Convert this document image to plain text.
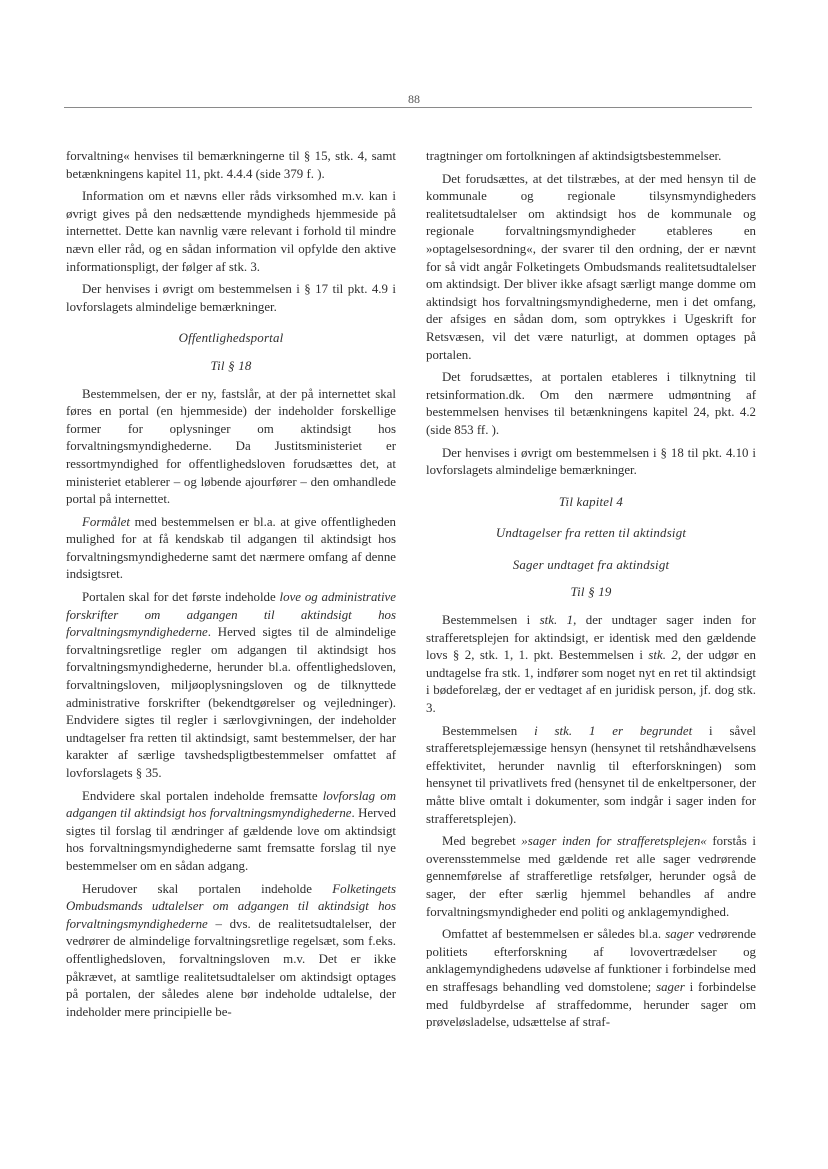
88

forvaltning« henvises til bemærkningerne til § 15, stk. 4, samt betænkningens kapitel 11, pkt. 4.4.4 (side 379 f. ).

Information om et nævns eller råds virksomhed m.v. kan i øvrigt gives på den nedsættende myndigheds hjemmeside på internettet. Dette kan navnlig være relevant i forhold til mindre nævn eller råd, og en sådan information vil opfylde den aktive informationspligt, der følger af stk. 3.

Der henvises i øvrigt om bestemmelsen i § 17 til pkt. 4.9 i lovforslagets almindelige bemærkninger.

Offentlighedsportal
Til § 18

Bestemmelsen, der er ny, fastslår, at der på internettet skal føres en portal (en hjemmeside) der indeholder forskellige former for oplysninger om aktindsigt hos forvaltningsmyndighederne. Da Justitsministeriet er ressortmyndighed for offentlighedsloven forudsættes det, at ministeriet etablerer – og løbende ajourfører – den omhandlede portal på internettet.

Formålet med bestemmelsen er bl.a. at give offentligheden mulighed for at få kendskab til adgangen til aktindsigt hos forvaltningsmyndighederne samt det nærmere omfang af denne indsigtsret.

Portalen skal for det første indeholde love og administrative forskrifter om adgangen til aktindsigt hos forvaltningsmyndighederne. Herved sigtes til de almindelige forvaltningsretlige regler om adgangen til aktindsigt hos forvaltningsmyndighederne, herunder bl.a. offentlighedsloven, forvaltningsloven, miljøoplysningsloven og de tilknyttede administrative forskrifter (bekendtgørelser og vejledninger). Endvidere sigtes til regler i særlovgivningen, der indeholder undtagelser fra retten til aktindsigt, samt bestemmelser, der har karakter af særlige tavshedspligtbestemmelser omfattet af lovforslagets § 35.

Endvidere skal portalen indeholde fremsatte lovforslag om adgangen til aktindsigt hos forvaltningsmyndighederne. Herved sigtes til forslag til ændringer af gældende love om aktindsigt hos forvaltningsmyndighederne samt fremsatte forslag til nye bestemmelser om en sådan adgang.

Herudover skal portalen indeholde Folketingets Ombudsmands udtalelser om adgangen til aktindsigt hos forvaltningsmyndighederne – dvs. de realitetsudtalelser, der vedrører de almindelige forvaltningsretlige regelsæt, som f.eks. offentlighedsloven, forvaltningsloven m.v. Det er ikke påkrævet, at samtlige realitetsudtalelser om aktindsigt optages på portalen, der således alene bør indeholde udtalelse, der indeholder mere principielle be-

tragtninger om fortolkningen af aktindsigtsbestemmelser.

Det forudsættes, at det tilstræbes, at der med hensyn til de kommunale og regionale tilsynsmyndigheders realitetsudtalelser om aktindsigt hos de kommunale og regionale forvaltningsmyndigheder etableres en »optagelsesordning«, der svarer til den ordning, der er nævnt for så vidt angår Folketingets Ombudsmands realitetsudtalelser om aktindsigt. Der bliver ikke afsagt særligt mange domme om aktindsigt hos forvaltningsmyndighederne, men i det omfang, der afsiges en sådan dom, som optrykkes i Ugeskrift for Retsvæsen, vil det være naturligt, at dommen optages på portalen.

Det forudsættes, at portalen etableres i tilknytning til retsinformation.dk. Om den nærmere udmøntning af bestemmelsen henvises til betænkningens kapitel 24, pkt. 4.2 (side 853 ff. ).

Der henvises i øvrigt om bestemmelsen i § 18 til pkt. 4.10 i lovforslagets almindelige bemærkninger.

Til kapitel 4
Undtagelser fra retten til aktindsigt
Sager undtaget fra aktindsigt
Til § 19

Bestemmelsen i stk. 1, der undtager sager inden for strafferetsplejen for aktindsigt, er identisk med den gældende lovs § 2, stk. 1, 1. pkt. Bestemmelsen i stk. 2, der udgør en undtagelse fra stk. 1, indfører som noget nyt en ret til aktindsigt i bødeforelæg, der er vedtaget af en juridisk person, jf. dog stk. 3.

Bestemmelsen i stk. 1 er begrundet i såvel strafferetsplejemæssige hensyn (hensynet til retshåndhævelsens effektivitet, herunder navnlig til efterforskningen) som hensynet til privatlivets fred (hensynet til de enkeltpersoner, der måtte blive omtalt i dokumenter, som indgår i sager inden for strafferetsplejen).

Med begrebet »sager inden for strafferetsplejen« forstås i overensstemmelse med gældende ret alle sager vedrørende gennemførelse af strafferetlige retsfølger, herunder også de sager, der efter særlig hjemmel behandles af andre forvaltningsmyndigheder end politi og anklagemyndighed.

Omfattet af bestemmelsen er således bl.a. sager vedrørende politiets efterforskning af lovovertrædelser og anklagemyndighedens udøvelse af funktioner i forbindelse med en straffesags behandling ved domstolene; sager i forbindelse med fuldbyrdelse af straffedomme, herunder sager om prøveløsladelse, udsættelse af straf-
